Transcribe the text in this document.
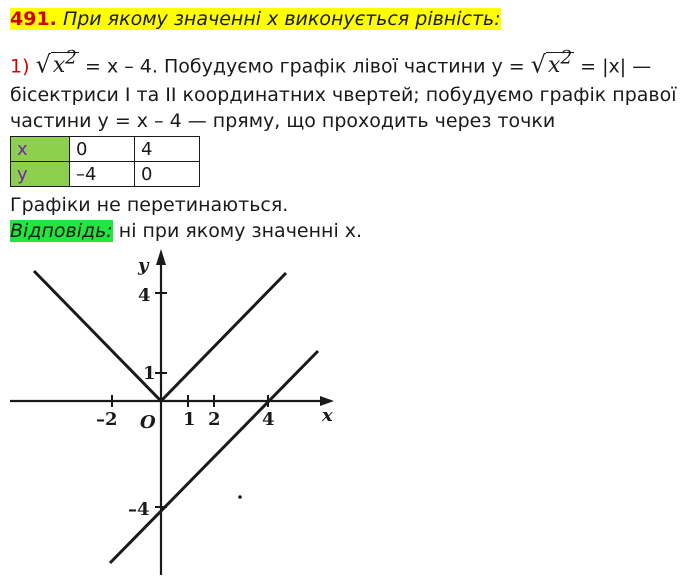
491. При якому значенні x виконується рівність:
1) $√x^2 = x - 4$. Побудуємо графік лівої частини $y = √x^2 = |x|$ —
бісектриси I та II координатних чвертей; побудуємо графік правої
частини y = x – 4 — пряму, що проходить через точки
x	0	4
y	–4	0
Графіки не перетинаються.
Відповідь: ні при якому значенні x.
y
x
O
–2	1 2 4
4
1
–4
